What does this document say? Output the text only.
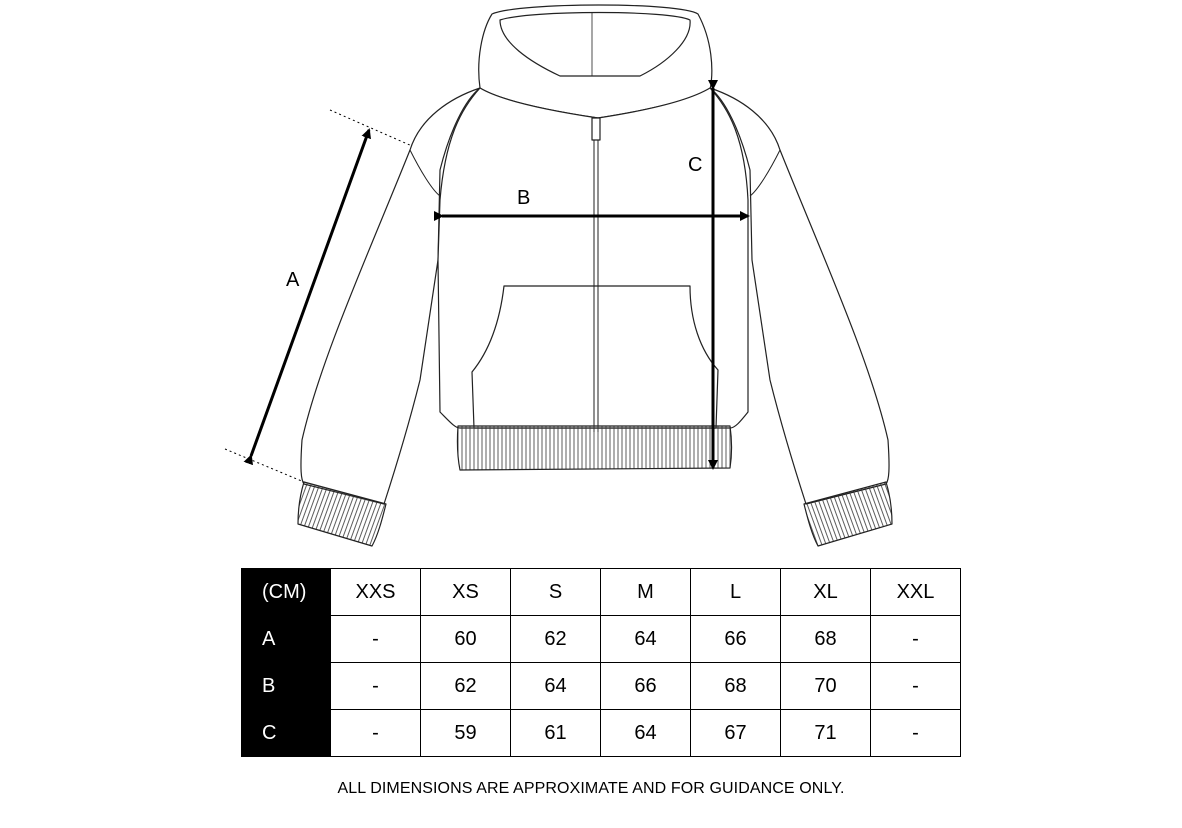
A
B
C
(CM)	XXS	XS	S	M	L	XL	XXL
A	-	60	62	64	66	68	-
B	-	62	64	66	68	70	-
C	-	59	61	64	67	71	-
ALL DIMENSIONS ARE APPROXIMATE AND FOR GUIDANCE ONLY.
